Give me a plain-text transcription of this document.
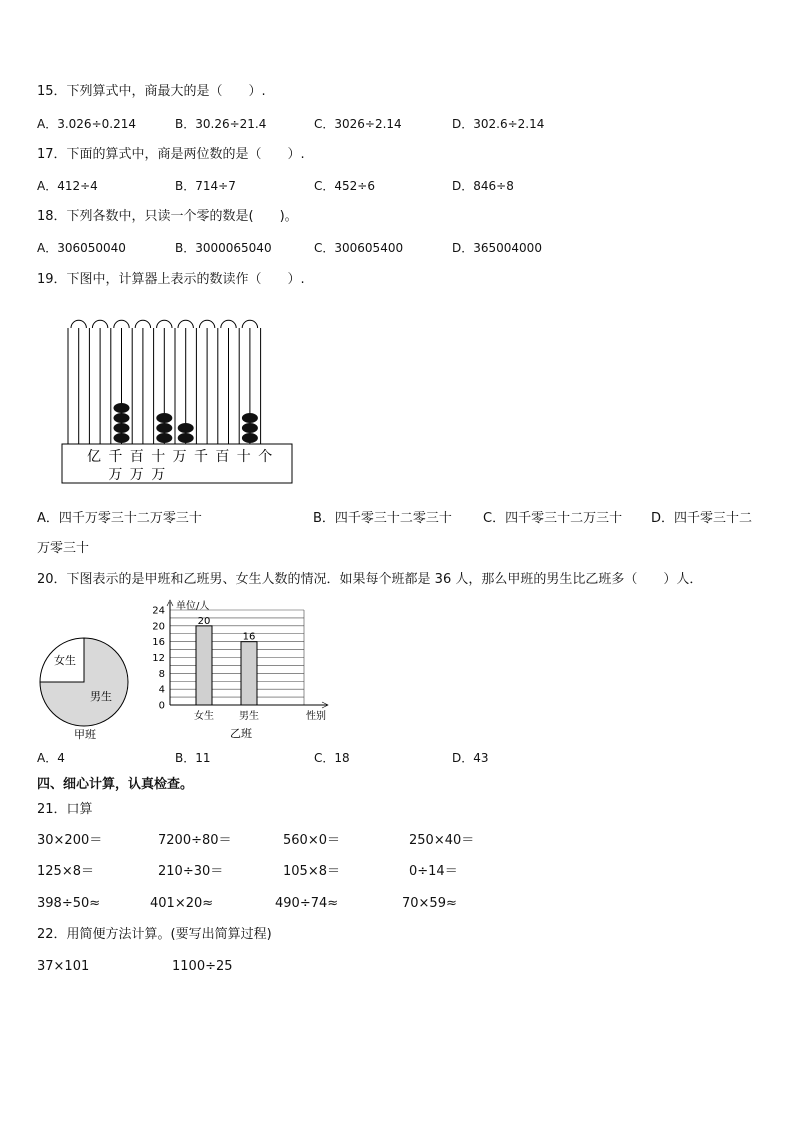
15．下列算式中，商最大的是（　　）.
A．3.026÷0.214	B．30.26÷21.4	C．3026÷2.14	D．302.6÷2.14
17．下面的算式中，商是两位数的是（　　）.
A．412÷4	B．714÷7	C．452÷6	D．846÷8
18．下列各数中，只读一个零的数是(　　)。
A．306050040	B．3000065040	C．300605400	D．365004000
19．下图中，计算器上表示的数读作（　　）.
亿 千
万
百
万
十
万
万 千 百 十 个
A．四千万零三十二万零三十	B．四千零三十二零三十 C．四千零三十二万三十 D．四千零三十二
万零三十
20．下图表示的是甲班和乙班男、女生人数的情况．如果每个班都是 36 人，那么甲班的男生比乙班多（　　）人．
女生
男生
甲班
单位/人
0
4
8
12
16
20
24
20
16
女生	男生	性别
乙班
A．4	B．11	C．18	D．43
四、细心计算，认真检查。
21．口算
30×200＝	7200÷80＝	560×0＝	250×40＝
125×8＝	210÷30＝	105×8＝	0÷14＝
398÷50≈	401×20≈	490÷74≈	70×59≈
22．用简便方法计算。(要写出简算过程)
37×101	1100÷25
